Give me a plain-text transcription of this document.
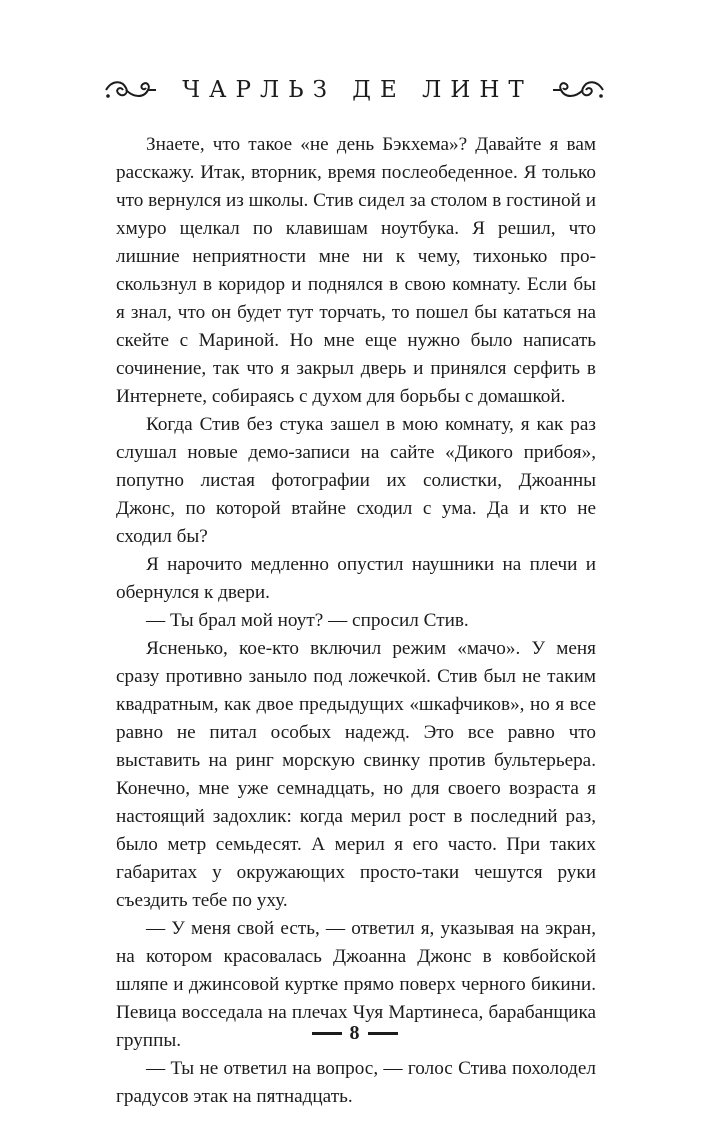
ЧАРЛЬЗ ДЕ ЛИНТ

Знаете, что такое «не день Бэкхема»? Давайте я вам расскажу. Итак, вторник, время послеобеденное. Я только что вернулся из школы. Стив сидел за столом в гостиной и хмуро щелкал по клавишам ноутбука. Я решил, что лишние неприятности мне ни к чему, тихонько проскользнул в коридор и поднялся в свою комнату. Если бы я знал, что он будет тут торчать, то пошел бы кататься на скейте с Мариной. Но мне еще нужно было написать сочинение, так что я закрыл дверь и принялся серфить в Интернете, собираясь с духом для борьбы с домашкой.

Когда Стив без стука зашел в мою комнату, я как раз слушал новые демо-записи на сайте «Дикого прибоя», попутно листая фотографии их солистки, Джоанны Джонс, по которой втайне сходил с ума. Да и кто не сходил бы?

Я нарочито медленно опустил наушники на плечи и обернулся к двери.

— Ты брал мой ноут? — спросил Стив.

Ясненько, кое-кто включил режим «мачо». У меня сразу противно заныло под ложечкой. Стив был не таким квадратным, как двое предыдущих «шкафчиков», но я все равно не питал особых надежд. Это все равно что выставить на ринг морскую свинку против бультерьера. Конечно, мне уже семнадцать, но для своего возраста я настоящий задохлик: когда мерил рост в последний раз, было метр семьдесят. А мерил я его часто. При таких габаритах у окружающих просто-таки чешутся руки съездить тебе по уху.

— У меня свой есть, — ответил я, указывая на экран, на котором красовалась Джоанна Джонс в ковбойской шляпе и джинсовой куртке прямо поверх черного бикини. Певица восседала на плечах Чуя Мартинеса, барабанщика группы.

— Ты не ответил на вопрос, — голос Стива похолодел градусов этак на пятнадцать.

8
